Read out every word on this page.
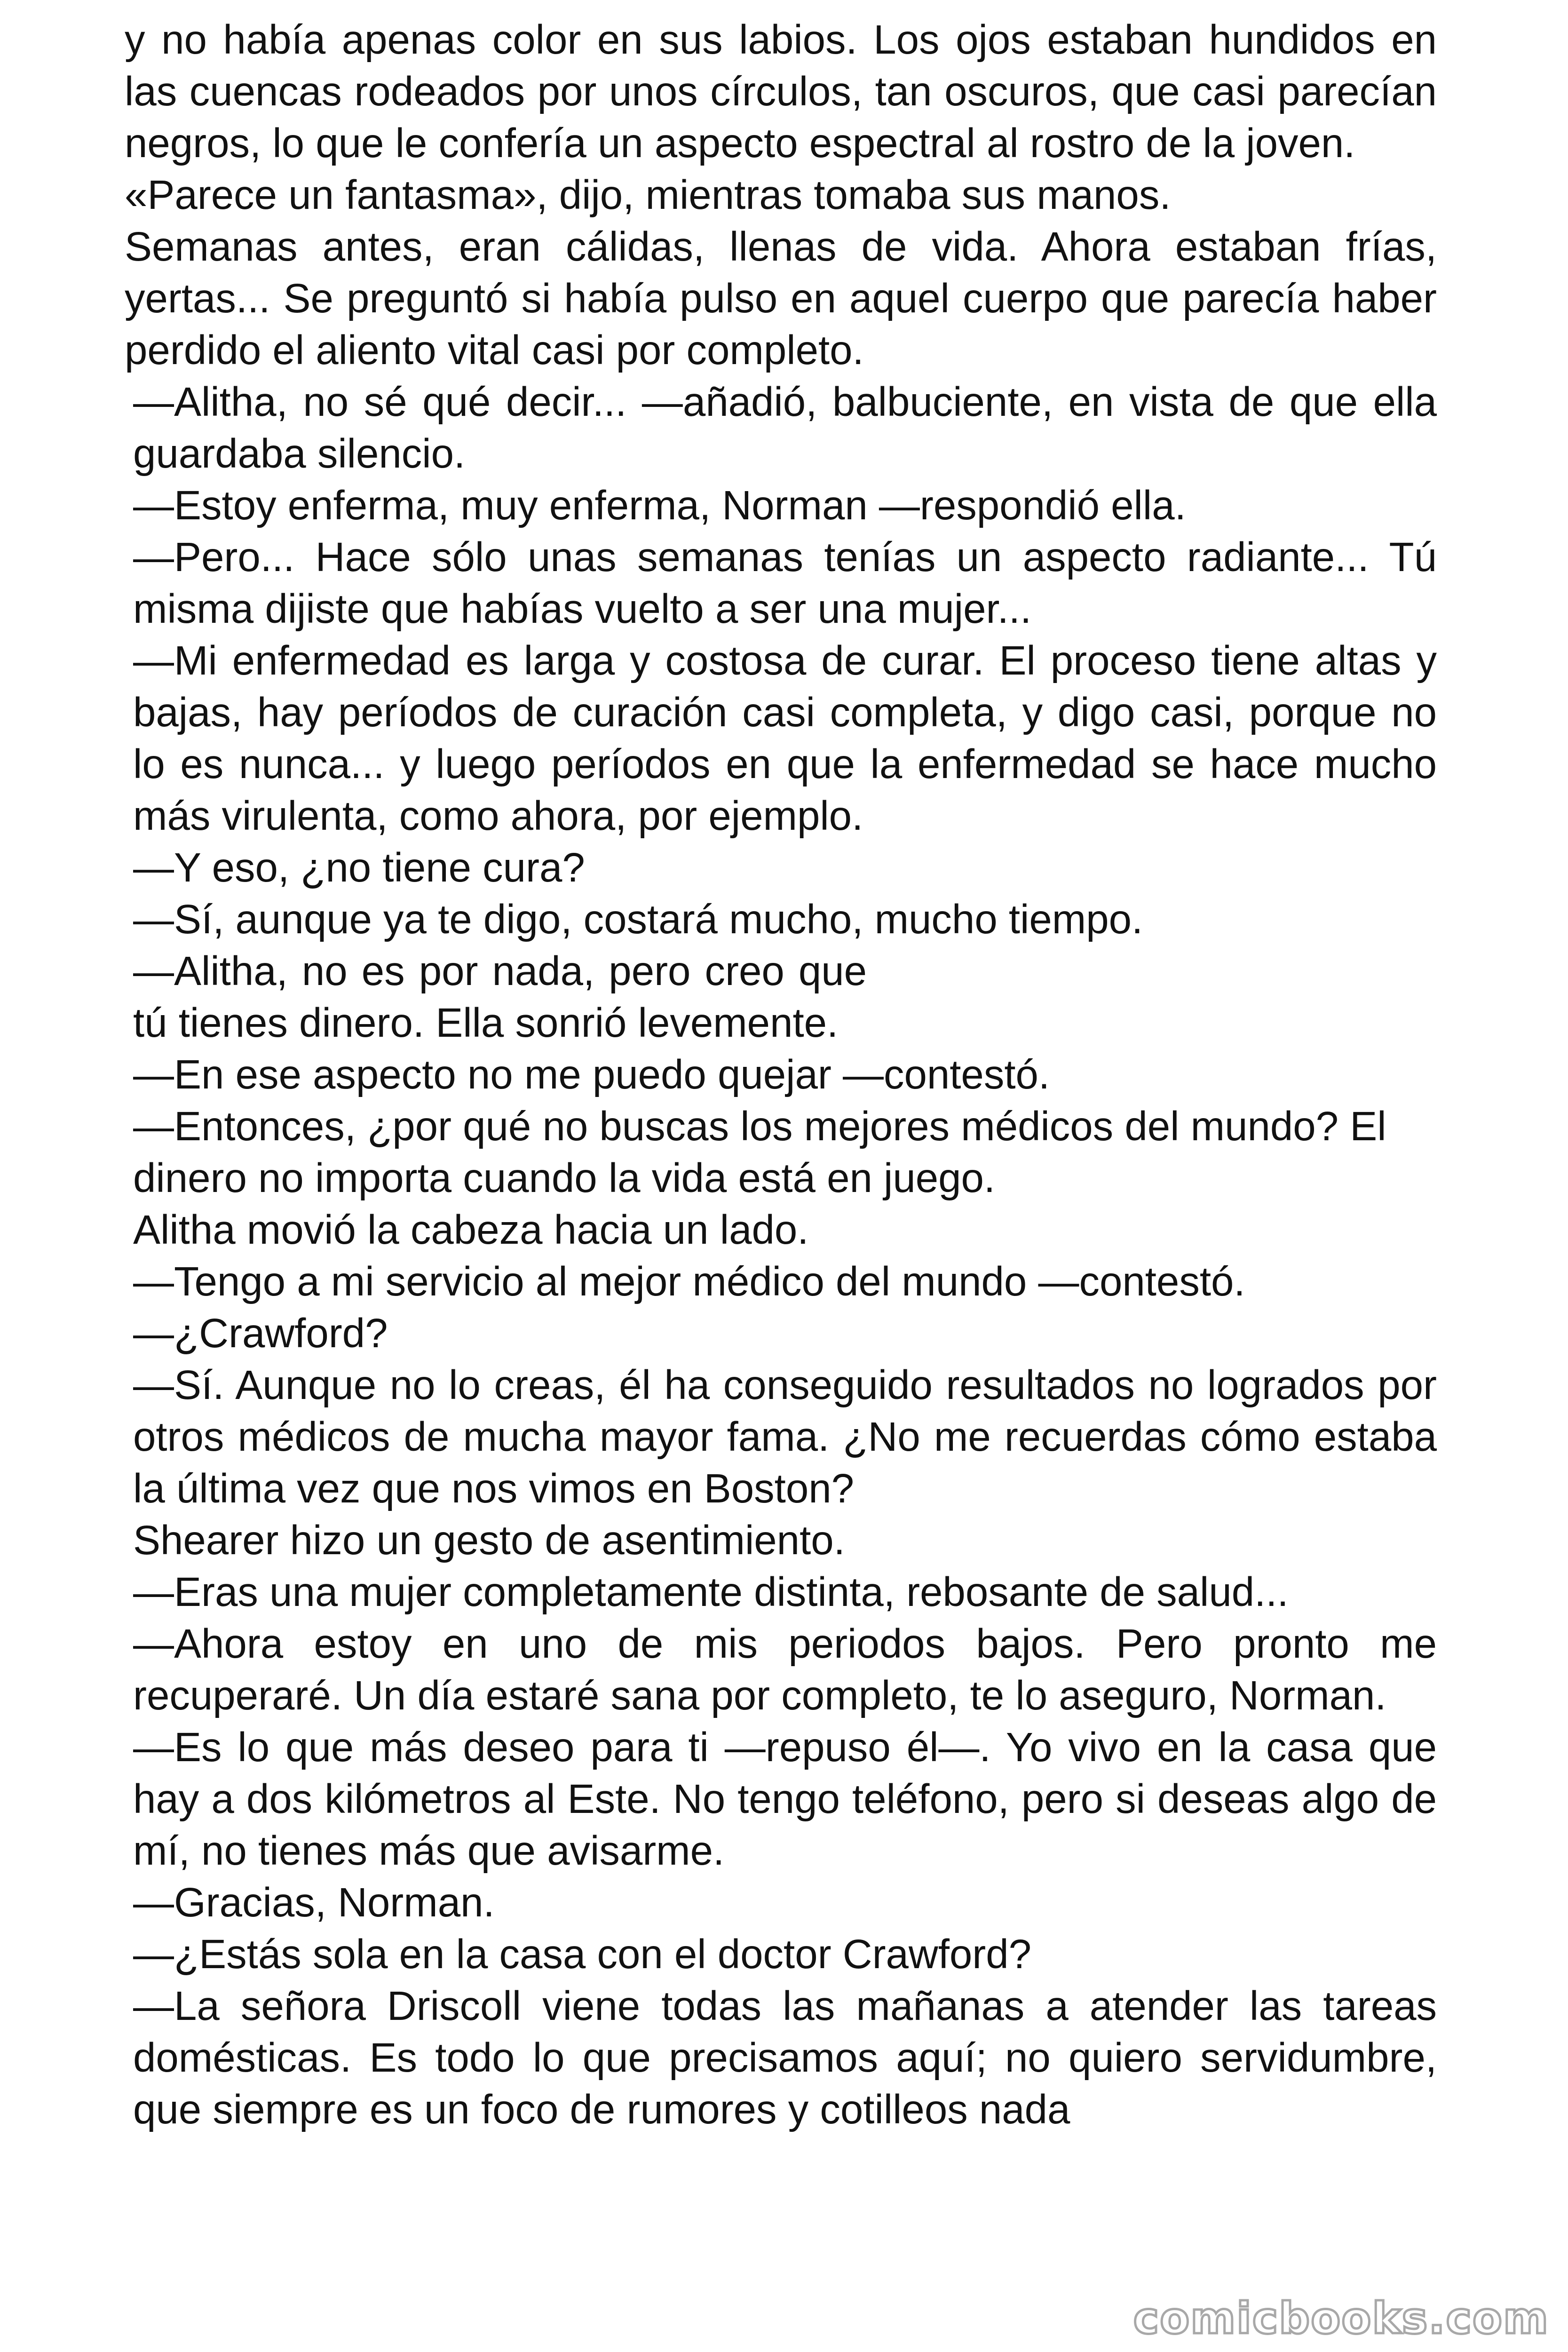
y no había apenas color en sus labios. Los ojos estaban hundidos en las cuencas rodeados por unos círculos, tan oscuros, que casi parecían negros, lo que le confería un aspecto espectral al rostro de la joven.

«Parece un fantasma», dijo, mientras tomaba sus manos.

Semanas antes, eran cálidas, llenas de vida. Ahora estaban frías, yertas... Se preguntó si había pulso en aquel cuerpo que parecía haber perdido el aliento vital casi por completo.

—Alitha, no sé qué decir... —añadió, balbuciente, en vista de que ella guardaba silencio.

—Estoy enferma, muy enferma, Norman —respondió ella.

—Pero... Hace sólo unas semanas tenías un aspecto radiante... Tú misma dijiste que habías vuelto a ser una mujer...

—Mi enfermedad es larga y costosa de curar. El proceso tiene altas y bajas, hay períodos de curación casi completa, y digo casi, porque no lo es nunca... y luego períodos en que la enfermedad se hace mucho más virulenta, como ahora, por ejemplo.

—Y eso, ¿no tiene cura?

—Sí, aunque ya te digo, costará mucho, mucho tiempo.

—Alitha, no es por nada, pero creo que tú tienes dinero. Ella sonrió levemente.

—En ese aspecto no me puedo quejar —contestó.

—Entonces, ¿por qué no buscas los mejores médicos del mundo? El dinero no importa cuando la vida está en juego.

Alitha movió la cabeza hacia un lado.

—Tengo a mi servicio al mejor médico del mundo —contestó.

—¿Crawford?

—Sí. Aunque no lo creas, él ha conseguido resultados no logrados por otros médicos de mucha mayor fama. ¿No me recuerdas cómo estaba la última vez que nos vimos en Boston?

Shearer hizo un gesto de asentimiento.

—Eras una mujer completamente distinta, rebosante de salud...

—Ahora estoy en uno de mis periodos bajos. Pero pronto me recuperaré. Un día estaré sana por completo, te lo aseguro, Norman.

—Es lo que más deseo para ti —repuso él—. Yo vivo en la casa que hay a dos kilómetros al Este. No tengo teléfono, pero si deseas algo de mí, no tienes más que avisarme.

—Gracias, Norman.

—¿Estás sola en la casa con el doctor Crawford?

—La señora Driscoll viene todas las mañanas a atender las tareas domésticas. Es todo lo que precisamos aquí; no quiero servidumbre, que siempre es un foco de rumores y cotilleos nada

comicbooks.com
